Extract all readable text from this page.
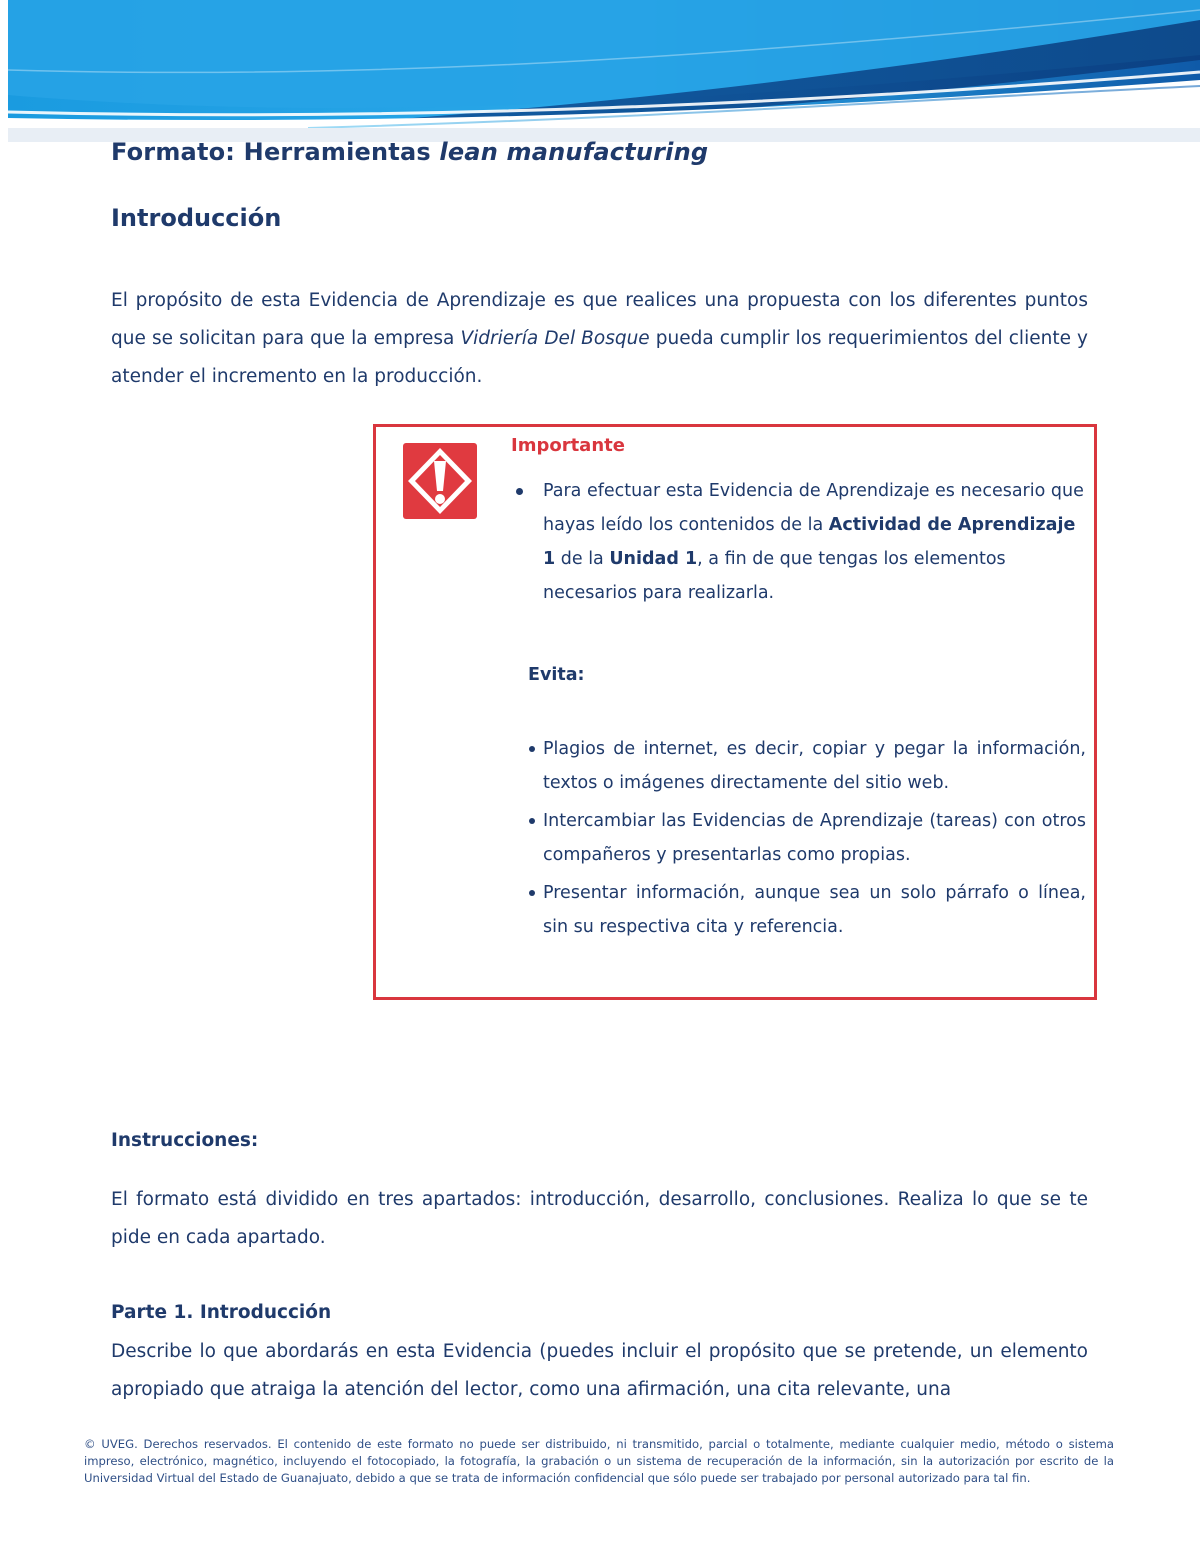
Formato: Herramientas lean manufacturing
Introducción

El propósito de esta Evidencia de Aprendizaje es que realices una propuesta con los diferentes puntos que se solicitan para que la empresa Vidriería Del Bosque pueda cumplir los requerimientos del cliente y atender el incremento en la producción.

Importante

Para efectuar esta Evidencia de Aprendizaje es necesario que hayas leído los contenidos de la Actividad de Aprendizaje 1 de la Unidad 1, a fin de que tengas los elementos necesarios para realizarla.

Evita:

Plagios de internet, es decir, copiar y pegar la información, textos o imágenes directamente del sitio web.
Intercambiar las Evidencias de Aprendizaje (tareas) con otros compañeros y presentarlas como propias.
Presentar información, aunque sea un solo párrafo o línea, sin su respectiva cita y referencia.
Instrucciones:

El formato está dividido en tres apartados: introducción, desarrollo, conclusiones. Realiza lo que se te pide en cada apartado.

Parte 1. Introducción

Describe lo que abordarás en esta Evidencia (puedes incluir el propósito que se pretende, un elemento apropiado que atraiga la atención del lector, como una afirmación, una cita relevante, una

© UVEG. Derechos reservados. El contenido de este formato no puede ser distribuido, ni transmitido, parcial o totalmente, mediante cualquier medio, método o sistema impreso, electrónico, magnético, incluyendo el fotocopiado, la fotografía, la grabación o un sistema de recuperación de la información, sin la autorización por escrito de la Universidad Virtual del Estado de Guanajuato, debido a que se trata de información confidencial que sólo puede ser trabajado por personal autorizado para tal fin.
